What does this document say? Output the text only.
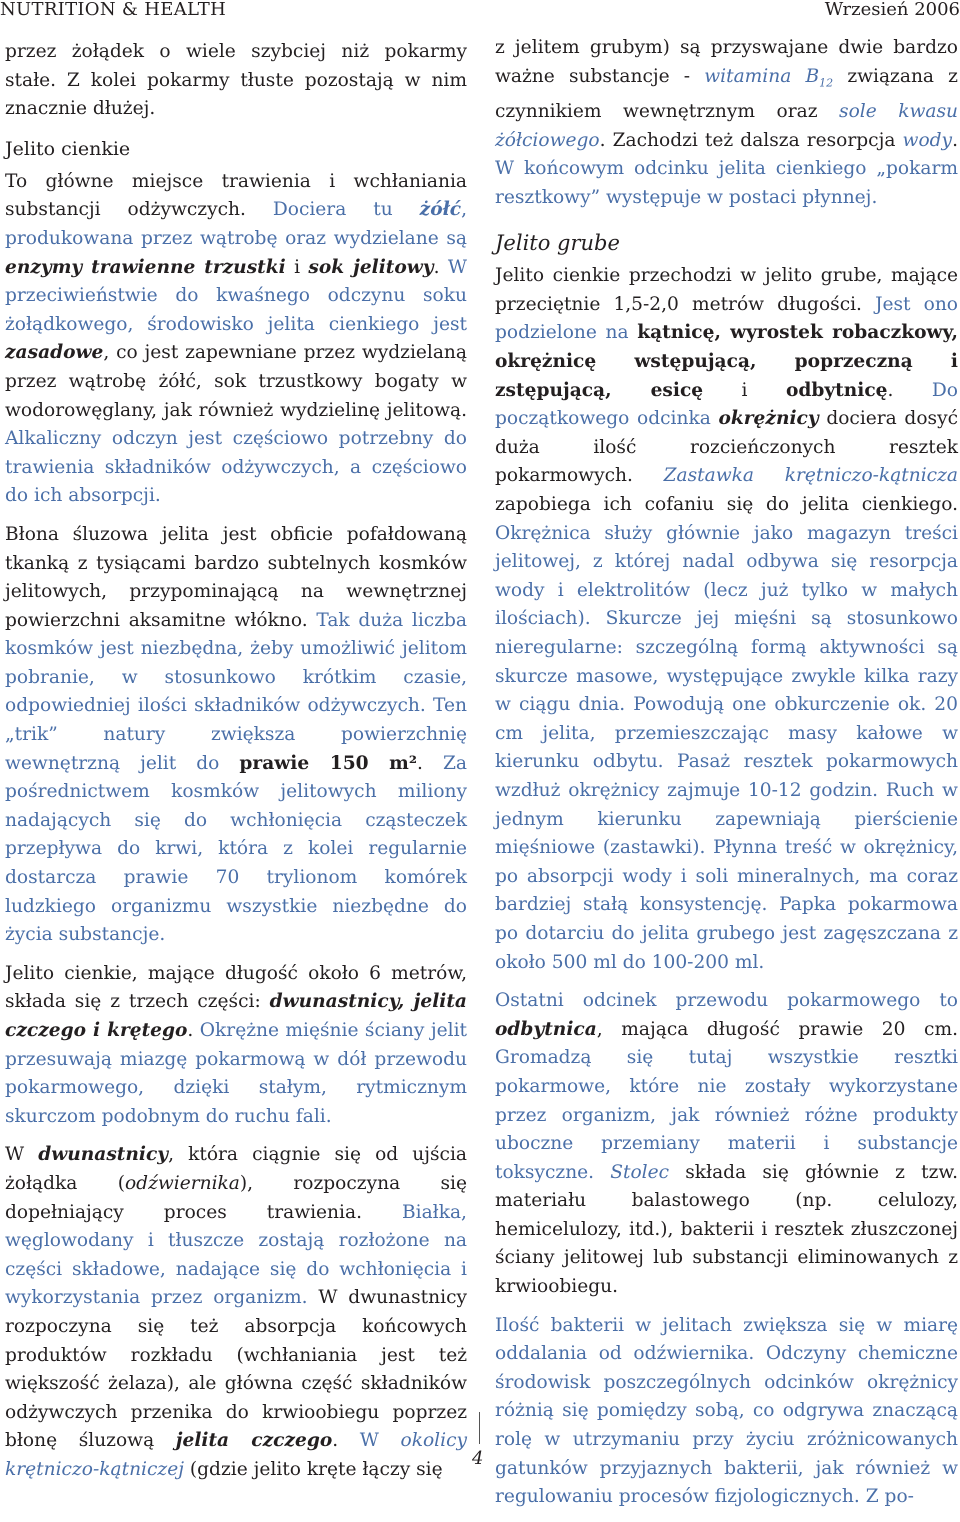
NUTRITION & HEALTH	Wrzesień 2006

przez żołądek o wiele szybciej niż pokarmy stałe. Z kolei pokarmy tłuste pozostają w nim znacznie dłużej.

Jelito cienkie

To główne miejsce trawienia i wchłaniania substancji odżywczych. Dociera tu żółć, produkowana przez wątrobę oraz wydzielane są enzymy trawienne trzustki i sok jelitowy. W przeciwieństwie do kwaśnego odczynu soku żołądkowego, środowisko jelita cienkiego jest zasadowe, co jest zapewniane przez wydzielaną przez wątrobę żółć, sok trzustkowy bogaty w wodorowęglany, jak również wydzielinę jelitową. Alkaliczny odczyn jest częściowo potrzebny do trawienia składników odżywczych, a częściowo do ich absorpcji.

Błona śluzowa jelita jest obficie pofałdowaną tkanką z tysiącami bardzo subtelnych kosmków jelitowych, przypominającą na wewnętrznej powierzchni aksamitne włókno. Tak duża liczba kosmków jest niezbędna, żeby umożliwić jelitom pobranie, w stosunkowo krótkim czasie, odpowiedniej ilości składników odżywczych. Ten „trik” natury zwiększa powierzchnię wewnętrzną jelit do prawie 150 m². Za pośrednictwem kosmków jelitowych miliony nadających się do wchłonięcia cząsteczek przepływa do krwi, która z kolei regularnie dostarcza prawie 70 trylionom komórek ludzkiego organizmu wszystkie niezbędne do życia substancje.

Jelito cienkie, mające długość około 6 metrów, składa się z trzech części: dwunastnicy, jelita czczego i krętego. Okrężne mięśnie ściany jelit przesuwają miazgę pokarmową w dół przewodu pokarmowego, dzięki stałym, rytmicznym skurczom podobnym do ruchu fali.

W dwunastnicy, która ciągnie się od ujścia żołądka (odźwiernika), rozpoczyna się dopełniający proces trawienia. Białka, węglowodany i tłuszcze zostają rozłożone na części składowe, nadające się do wchłonięcia i wykorzystania przez organizm. W dwunastnicy rozpoczyna się też absorpcja końcowych produktów rozkładu (wchłaniania jest też większość żelaza), ale główna część składników odżywczych przenika do krwioobiegu poprzez błonę śluzową jelita czczego. W okolicy krętniczo-kątniczej (gdzie jelito kręte łączy się

z jelitem grubym) są przyswajane dwie bardzo ważne substancje - witamina $B_{12}$ związana z czynnikiem wewnętrznym oraz sole kwasu żółciowego. Zachodzi też dalsza resorpcja wody. W końcowym odcinku jelita cienkiego „pokarm resztkowy” występuje w postaci płynnej.

Jelito grube

Jelito cienkie przechodzi w jelito grube, mające przeciętnie 1,5-2,0 metrów długości. Jest ono podzielone na kątnicę, wyrostek robaczkowy, okrężnicę wstępującą, poprzeczną i zstępującą, esicę i odbytnicę. Do początkowego odcinka okrężnicy dociera dosyć duża ilość rozcieńczonych resztek pokarmowych. Zastawka krętniczo-kątnicza zapobiega ich cofaniu się do jelita cienkiego. Okrężnica służy głównie jako magazyn treści jelitowej, z której nadal odbywa się resorpcja wody i elektrolitów (lecz już tylko w małych ilościach). Skurcze jej mięśni są stosunkowo nieregularne: szczególną formą aktywności są skurcze masowe, występujące zwykle kilka razy w ciągu dnia. Powodują one obkurczenie ok. 20 cm jelita, przemieszczając masy kałowe w kierunku odbytu. Pasaż resztek pokarmowych wzdłuż okrężnicy zajmuje 10-12 godzin. Ruch w jednym kierunku zapewniają pierścienie mięśniowe (zastawki). Płynna treść w okrężnicy, po absorpcji wody i soli mineralnych, ma coraz bardziej stałą konsystencję. Papka pokarmowa po dotarciu do jelita grubego jest zagęszczana z około 500 ml do 100-200 ml.

Ostatni odcinek przewodu pokarmowego to odbytnica, mająca długość prawie 20 cm. Gromadzą się tutaj wszystkie resztki pokarmowe, które nie zostały wykorzystane przez organizm, jak również różne produkty uboczne przemiany materii i substancje toksyczne. Stolec składa się głównie z tzw. materiału balastowego (np. celulozy, hemicelulozy, itd.), bakterii i resztek złuszczonej ściany jelitowej lub substancji eliminowanych z krwioobiegu.

Ilość bakterii w jelitach zwiększa się w miarę oddalania od odźwiernika. Odczyny chemiczne środowisk poszczególnych odcinków okrężnicy różnią się pomiędzy sobą, co odgrywa znaczącą rolę w utrzymaniu przy życiu zróżnicowanych gatunków przyjaznych bakterii, jak również w regulowaniu procesów fizjologicznych. Z po-

4
